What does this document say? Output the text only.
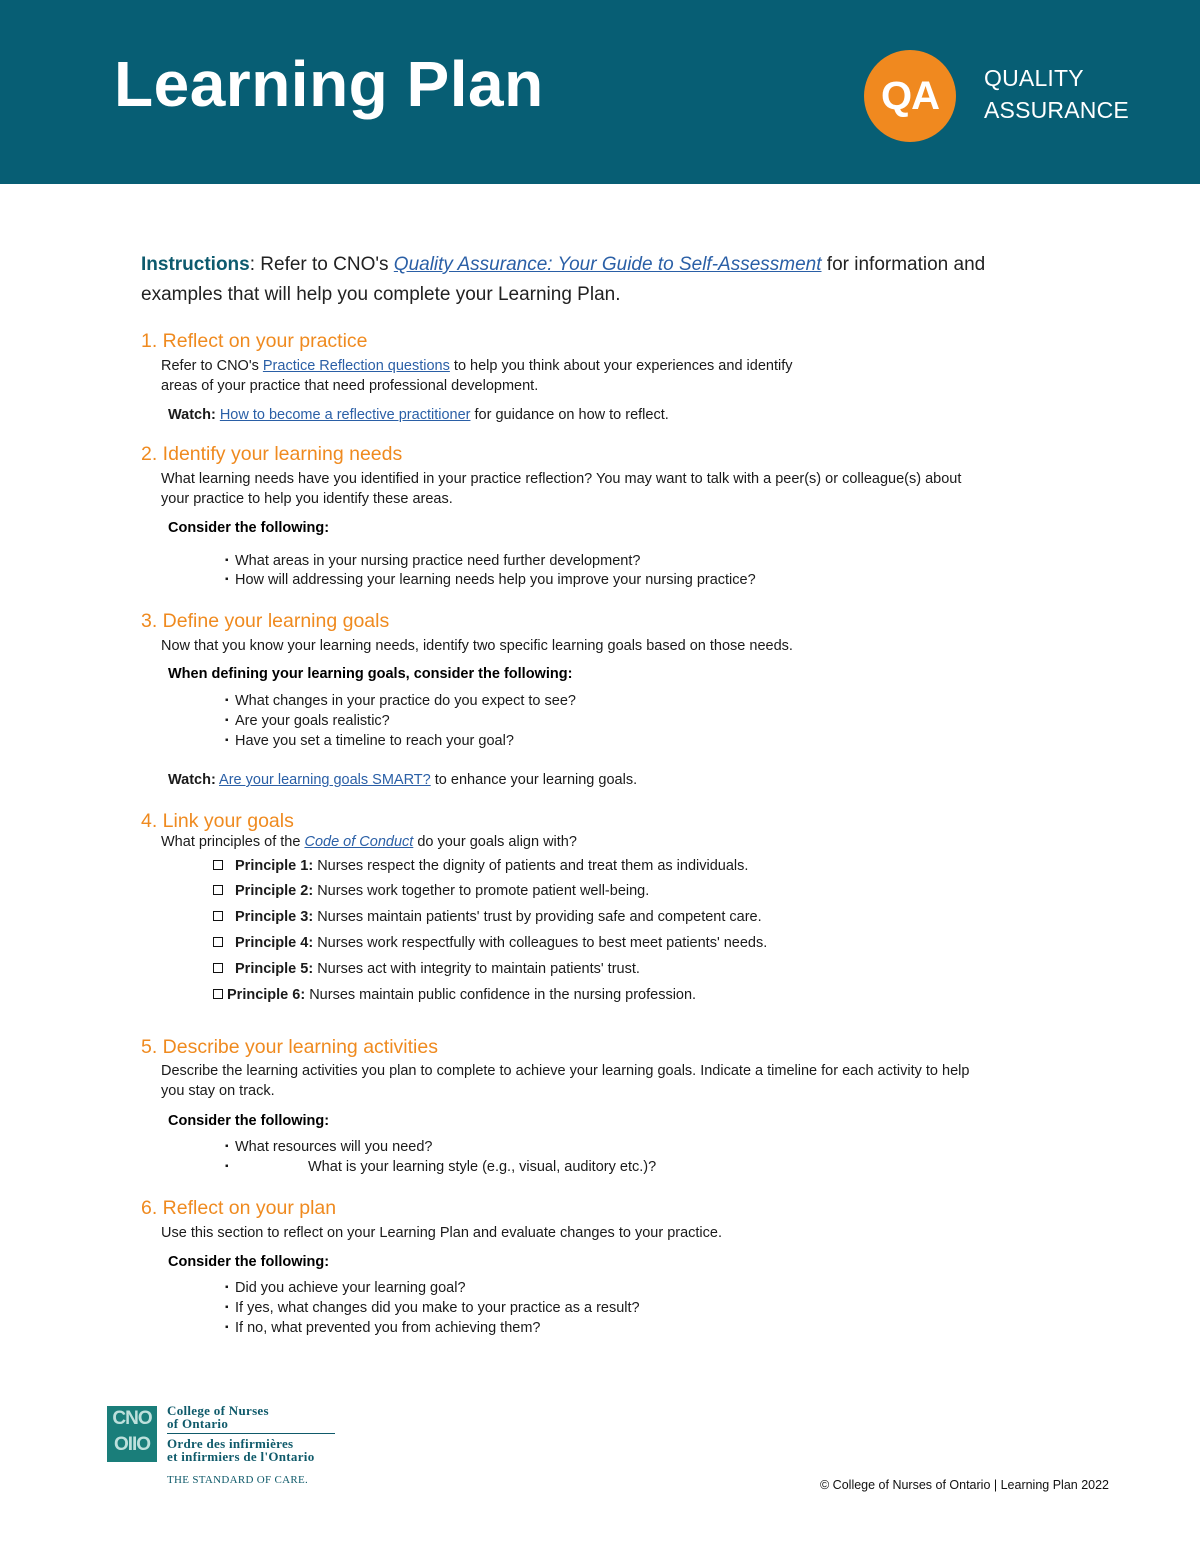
Learning Plan	QA	QUALITY
ASSURANCE
Instructions: Refer to CNO's Quality Assurance: Your Guide to Self-Assessment for information and
examples that will help you complete your Learning Plan.
1. Reflect on your practice
Refer to CNO's Practice Reflection questions to help you think about your experiences and identify
areas of your practice that need professional development.
Watch: How to become a reflective practitioner for guidance on how to reflect.
2. Identify your learning needs
What learning needs have you identified in your practice reflection? You may want to talk with a peer(s) or colleague(s) about
your practice to help you identify these areas.
Consider the following:
▪ What areas in your nursing practice need further development?
▪ How will addressing your learning needs help you improve your nursing practice?
3. Define your learning goals
Now that you know your learning needs, identify two specific learning goals based on those needs.
When defining your learning goals, consider the following:
▪ What changes in your practice do you expect to see?
▪ Are your goals realistic?
▪ Have you set a timeline to reach your goal?
Watch: Are your learning goals SMART? to enhance your learning goals.
4. Link your goals
What principles of the Code of Conduct do your goals align with?
Principle 1: Nurses respect the dignity of patients and treat them as individuals.
Principle 2: Nurses work together to promote patient well-being.
Principle 3: Nurses maintain patients' trust by providing safe and competent care.
Principle 4: Nurses work respectfully with colleagues to best meet patients' needs.
Principle 5: Nurses act with integrity to maintain patients' trust.
Principle 6: Nurses maintain public confidence in the nursing profession.
5. Describe your learning activities
Describe the learning activities you plan to complete to achieve your learning goals. Indicate a timeline for each activity to help
you stay on track.
Consider the following:
▪ What resources will you need?
▪	What is your learning style (e.g., visual, auditory etc.)?
6. Reflect on your plan
Use this section to reflect on your Learning Plan and evaluate changes to your practice.
Consider the following:
▪ Did you achieve your learning goal?
▪ If yes, what changes did you make to your practice as a result?
▪ If no, what prevented you from achieving them?
CNO
OIIO
College of Nurses
of Ontario
Ordre des infirmières
et infirmiers de l'Ontario
THE STANDARD OF CARE.	© College of Nurses of Ontario | Learning Plan 2022
